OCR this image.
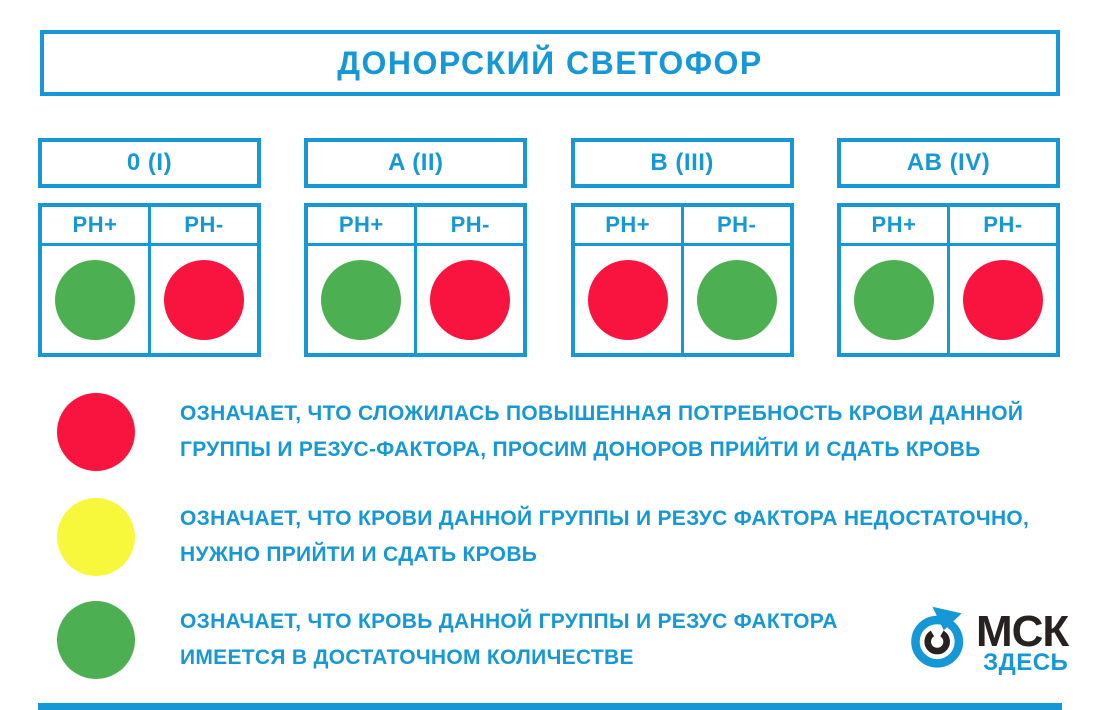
ДОНОРСКИЙ СВЕТОФОР
0 (I)
PH+	PH-
A (II)
PH+	PH-
B (III)
PH+	PH-
AB (IV)
PH+	PH-
ОЗНАЧАЕТ, ЧТО СЛОЖИЛАСЬ ПОВЫШЕННАЯ ПОТРЕБНОСТЬ КРОВИ ДАННОЙ
ГРУППЫ И РЕЗУС-ФАКТОРА, ПРОСИМ ДОНОРОВ ПРИЙТИ И СДАТЬ КРОВЬ
ОЗНАЧАЕТ, ЧТО КРОВИ ДАННОЙ ГРУППЫ И РЕЗУС ФАКТОРА НЕДОСТАТОЧНО,
НУЖНО ПРИЙТИ И СДАТЬ КРОВЬ
ОЗНАЧАЕТ, ЧТО КРОВЬ ДАННОЙ ГРУППЫ И РЕЗУС ФАКТОРА
ИМЕЕТСЯ В ДОСТАТОЧНОМ КОЛИЧЕСТВЕ
МСК
ЗДЕСЬ
